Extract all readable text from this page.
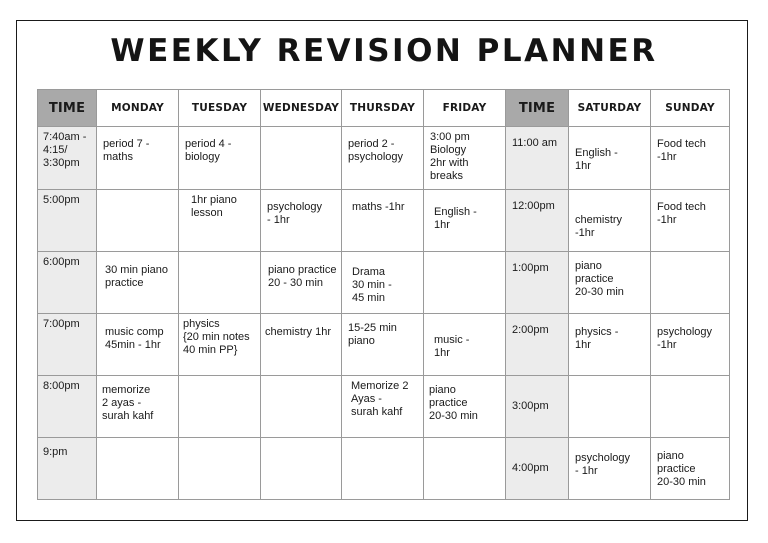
WEEKLY REVISION PLANNER
TIME	MONDAY	TUESDAY	WEDNESDAY	THURSDAY	FRIDAY	TIME	SATURDAY	SUNDAY

7:40am -
4:15/
3:30pm	period 7 -
maths	period 4 -
biology		period 2 -
psychology	3:00 pm
Biology
2hr with
breaks	11:00 am	English -
1hr	Food tech
-1hr

5:00pm		1hr piano
lesson	psychology
- 1hr	maths -1hr	English -
1hr	12:00pm	chemistry
-1hr	Food tech
-1hr

6:00pm	30 min piano
practice		piano practice
20 - 30 min	Drama
30 min -
45 min		1:00pm	piano
practice
20-30 min	

7:00pm	music comp
45min - 1hr	physics
{20 min notes
40 min PP}	chemistry 1hr	15-25 min
piano	music -
1hr	2:00pm	physics -
1hr	psychology
-1hr

8:00pm	memorize
2 ayas -
surah kahf			Memorize 2
Ayas -
surah kahf	piano
practice
20-30 min	3:00pm		

9:pm						4:00pm	psychology
- 1hr	piano
practice
20-30 min
